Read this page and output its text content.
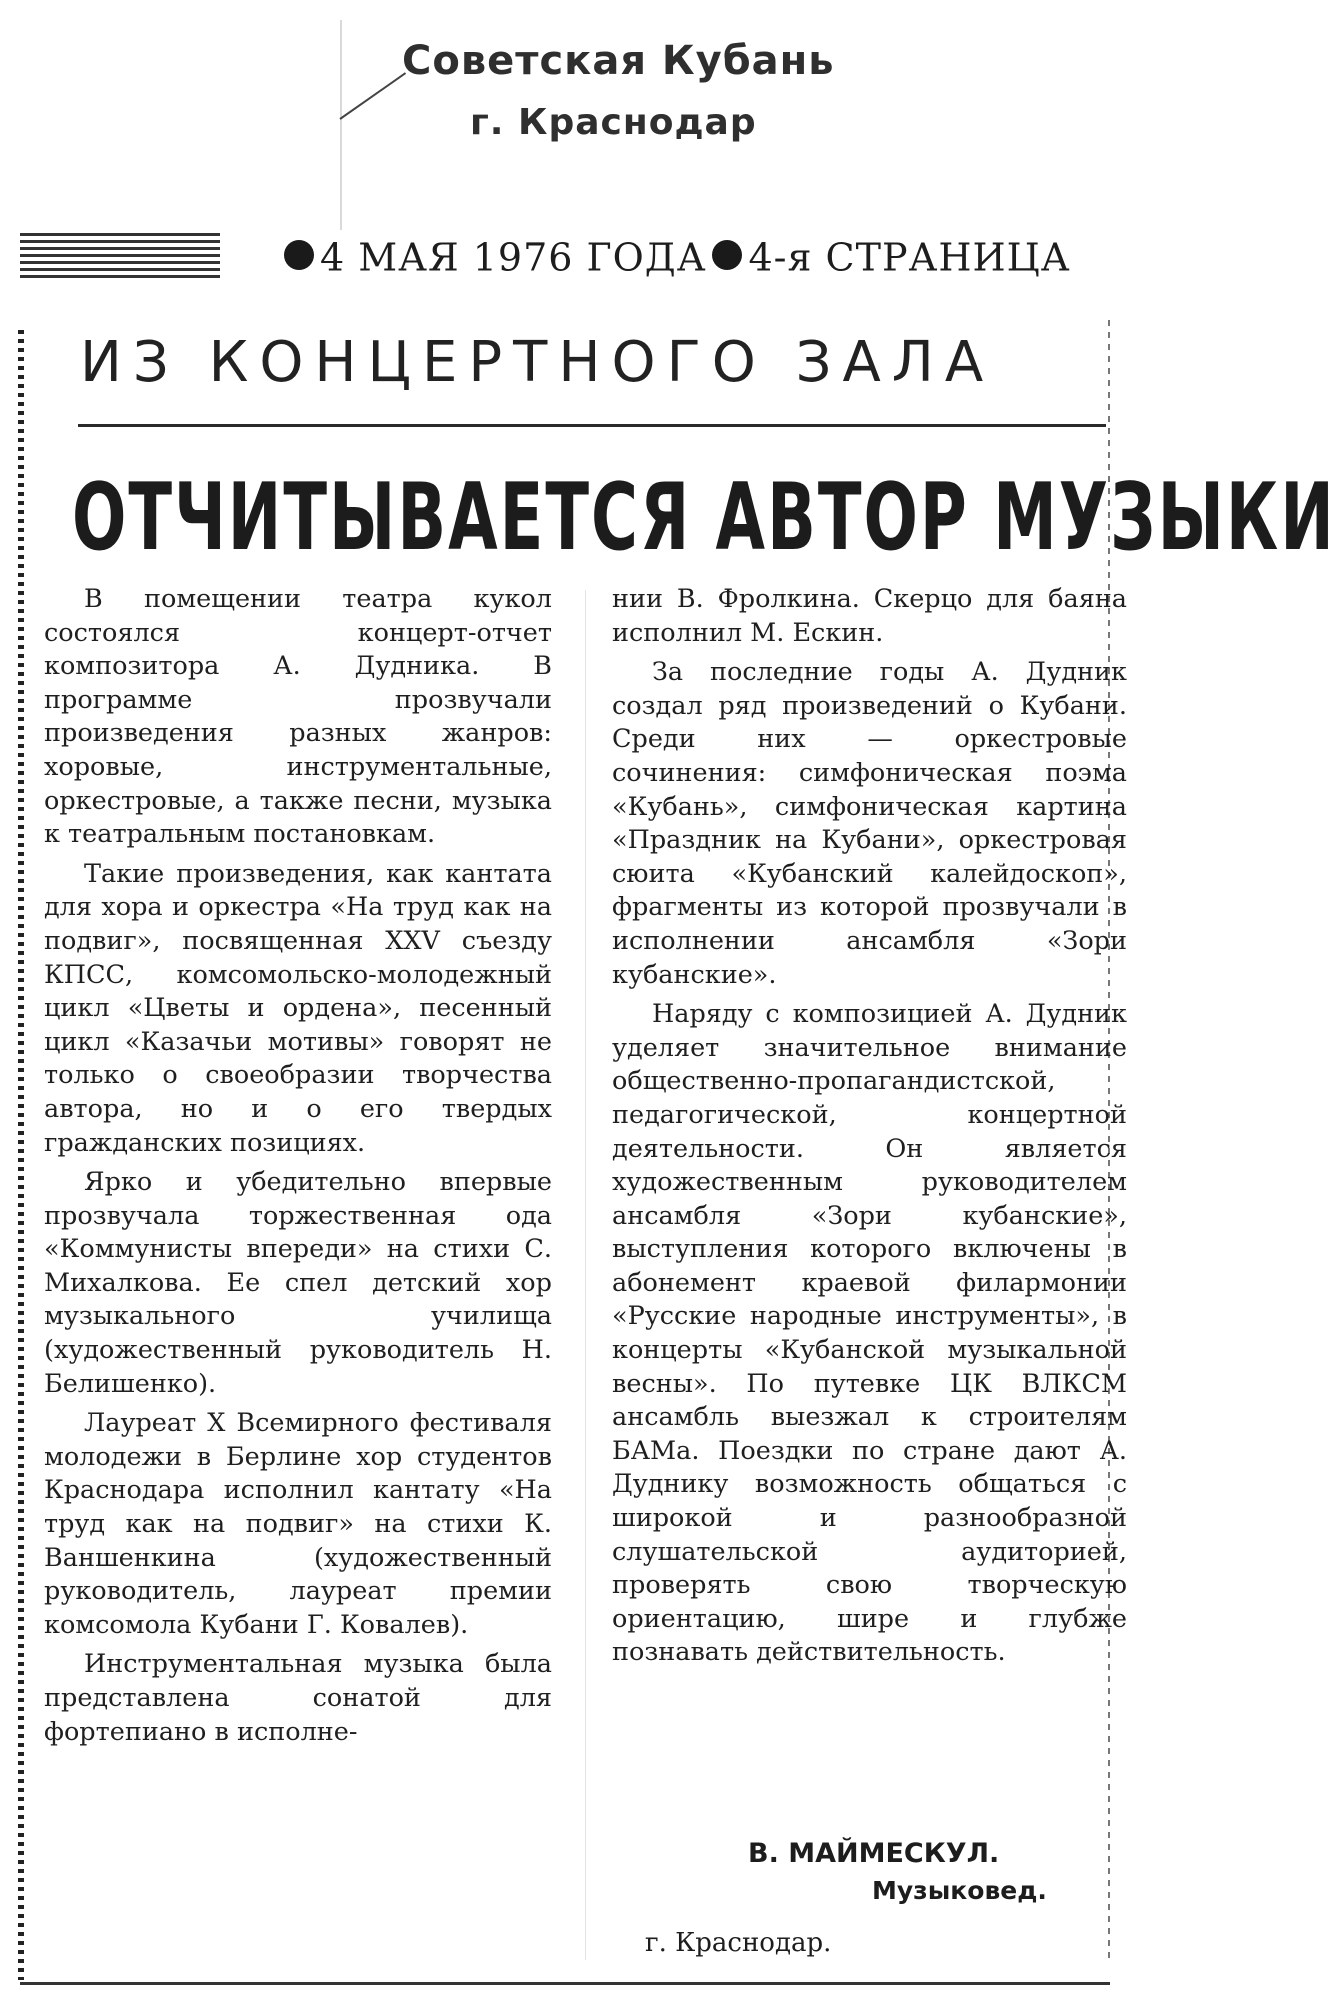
Советская Кубань
г. Краснодар
4 МАЯ 1976 ГОДА 4-я СТРАНИЦА
ИЗ КОНЦЕРТНОГО ЗАЛА
ОТЧИТЫВАЕТСЯ АВТОР МУЗЫКИ

В помещении театра кукол состоялся концерт-отчет композитора А. Дудника. В программе прозвучали произведения разных жанров: хоровые, инструментальные, оркестровые, а также песни, музыка к театральным постановкам.

Такие произведения, как кантата для хора и оркестра «На труд как на подвиг», посвященная XXV съезду КПСС, комсомольско-молодежный цикл «Цветы и ордена», песенный цикл «Казачьи мотивы» говорят не только о своеобразии творчества автора, но и о его твердых гражданских позициях.

Ярко и убедительно впервые прозвучала торжественная ода «Коммунисты впереди» на стихи С. Михалкова. Ее спел детский хор музыкального училища (художественный руководитель Н. Белишенко).

Лауреат X Всемирного фестиваля молодежи в Берлине хор студентов Краснодара исполнил кантату «На труд как на подвиг» на стихи К. Ваншенкина (художественный руководитель, лауреат премии комсомола Кубани Г. Ковалев).

Инструментальная музыка была представлена сонатой для фортепиано в исполне-

нии В. Фролкина. Скерцо для баяна исполнил М. Ескин.

За последние годы А. Дудник создал ряд произведений о Кубани. Среди них — оркестровые сочинения: симфоническая поэма «Кубань», симфоническая картина «Праздник на Кубани», оркестровая сюита «Кубанский калейдоскоп», фрагменты из которой прозвучали в исполнении ансамбля «Зори кубанские».

Наряду с композицией А. Дудник уделяет значительное внимание общественно-пропагандистской, педагогической, концертной деятельности. Он является художественным руководителем ансамбля «Зори кубанские», выступления которого включены в абонемент краевой филармонии «Русские народные инструменты», в концерты «Кубанской музыкальной весны». По путевке ЦК ВЛКСМ ансамбль выезжал к строителям БАМа. Поездки по стране дают А. Дуднику возможность общаться с широкой и разнообразной слушательской аудиторией, проверять свою творческую ориентацию, шире и глубже познавать действительность.

В. МАЙМЕСКУЛ.
Музыковед.
г. Краснодар.
